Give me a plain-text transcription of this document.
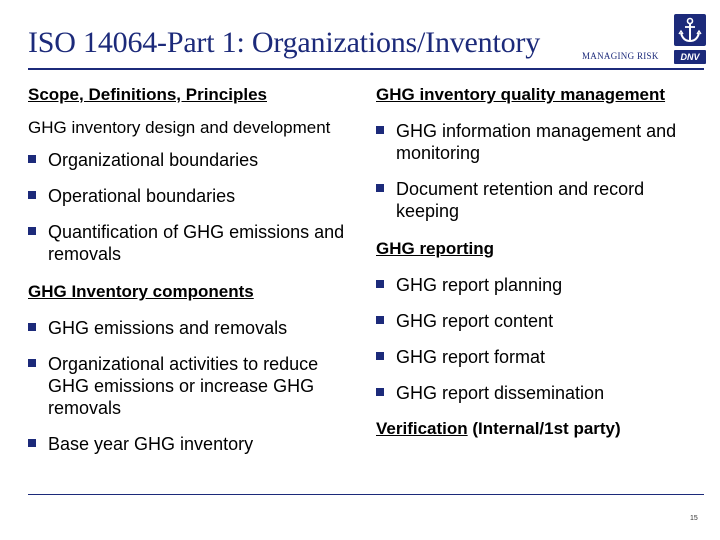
ISO 14064-Part 1: Organizations/Inventory	MANAGING RISK	DNV
Scope, Definitions, Principles
GHG inventory design and development
Organizational boundaries
Operational boundaries
Quantification of GHG emissions and removals
GHG Inventory components
GHG emissions and removals
Organizational activities to reduce GHG emissions or increase GHG removals
Base year GHG inventory
GHG inventory quality management
GHG information management and monitoring
Document retention and record keeping
GHG reporting
GHG report planning
GHG report content
GHG report format
GHG report dissemination
Verification (Internal/1st party)
15
